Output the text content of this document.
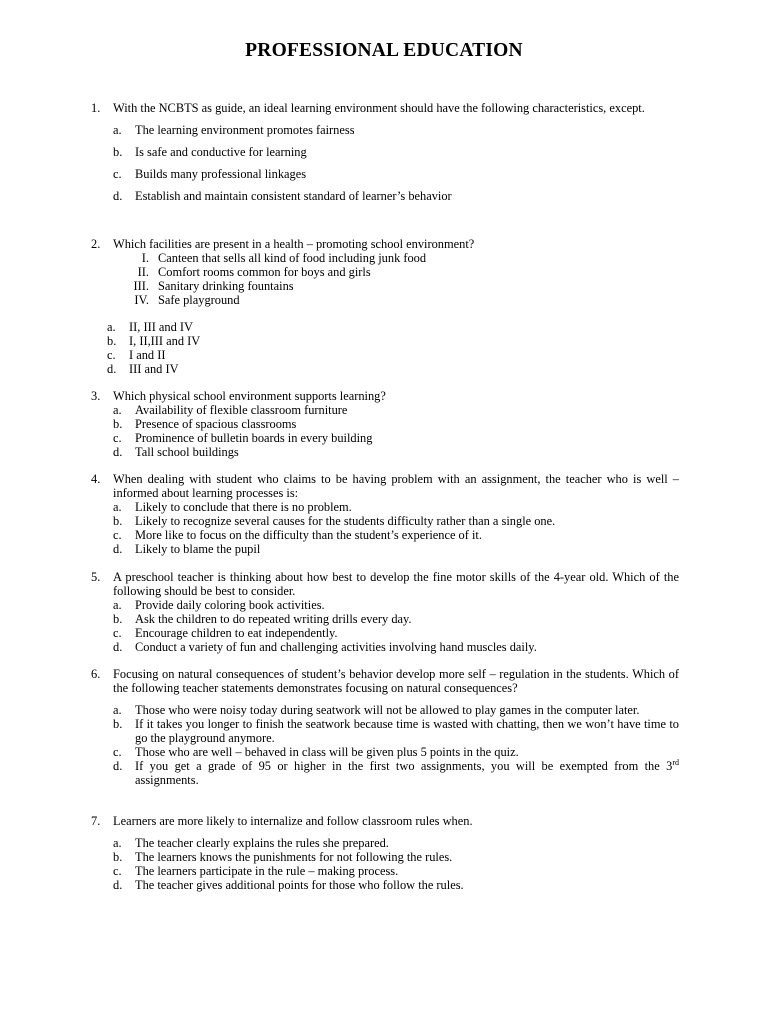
PROFESSIONAL EDUCATION
1. With the NCBTS as guide, an ideal learning environment should have the following characteristics, except.
a. The learning environment promotes fairness
b. Is safe and conductive for learning
c. Builds many professional linkages
d. Establish and maintain consistent standard of learner’s behavior
2. Which facilities are present in a health – promoting school environment?
I. Canteen that sells all kind of food including junk food
II. Comfort rooms common for boys and girls
III. Sanitary drinking fountains
IV. Safe playground
a. II, III and IV
b. I, II,III and IV
c. I and II
d. III and IV
3. Which physical school environment supports learning?
a. Availability of flexible classroom furniture
b. Presence of spacious classrooms
c. Prominence of bulletin boards in every building
d. Tall school buildings
4. When dealing with student who claims to be having problem with an assignment, the teacher who is well – informed about learning processes is:
a. Likely to conclude that there is no problem.
b. Likely to recognize several causes for the students difficulty rather than a single one.
c. More like to focus on the difficulty than the student’s experience of it.
d. Likely to blame the pupil
5. A preschool teacher is thinking about how best to develop the fine motor skills of the 4-year old. Which of the following should be best to consider.
a. Provide daily coloring book activities.
b. Ask the children to do repeated writing drills every day.
c. Encourage children to eat independently.
d. Conduct a variety of fun and challenging activities involving hand muscles daily.
6. Focusing on natural consequences of student’s behavior develop more self – regulation in the students. Which of the following teacher statements demonstrates focusing on natural consequences?
a. Those who were noisy today during seatwork will not be allowed to play games in the computer later.
b. If it takes you longer to finish the seatwork because time is wasted with chatting, then we won’t have time to go the playground anymore.
c. Those who are well – behaved in class will be given plus 5 points in the quiz.
d. If you get a grade of 95 or higher in the first two assignments, you will be exempted from the 3rd assignments.
7. Learners are more likely to internalize and follow classroom rules when.
a. The teacher clearly explains the rules she prepared.
b. The learners knows the punishments for not following the rules.
c. The learners participate in the rule – making process.
d. The teacher gives additional points for those who follow the rules.
